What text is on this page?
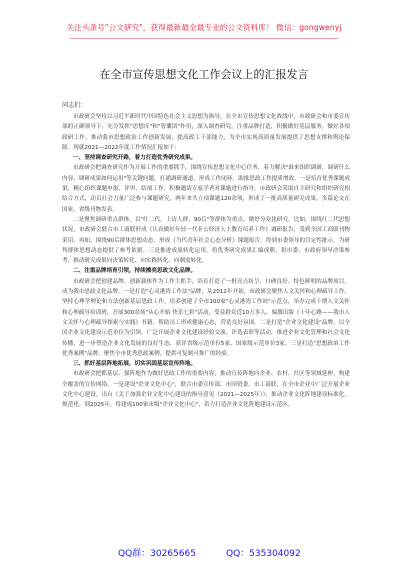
关注头条号"公文研究"，获得最新最全最专业的公文资料库！ 微信：gongwenyj
在全市宣传思想文化工作会议上的汇报发言
同志们：

市政研会坚持以习近平新时代中国特色社会主义思想为指导，在全市宣传思想文化战线中，市政研会和市委宣传部的正确领导下，充分发挥"思想库"和"智囊团"作用，深入调查研究，注重品牌打造，积极做好基层服务，做好各项政研工作。推动我市思想政治工作创新发展，提高政工干部能力，为全市实现高质量发展提供了思想支撑和舆论保障。现就2021—2022年度工作情况汇报如下：

一、坚持调查研究开路，着力打造优秀研究成果。

市政研会把调查研究作为开展工作的重要抓手，围绕宣传思想文化中心任务，着力解决"谁来组织调研、调研什么内容、调研成果如何运用"等关键问题，打通调研通道，形成工作闭环，助推思政工作提质增效。一是培育优秀课题成果，精心组织课题申报、评审、结项工作，积极邀请专家学者对课题进行指导。市政研会采取自主研究和组织研究相结合方式，动员社会力量广泛参与课题研究，两年来共立项课题120余项，形成了一批高质量研究成果，多篇论文在国家、省级刊物发表。

二是聚焦调研重点群体，以"红二代、上访人群、90后"等群体为重点，做好分众化研究。比如，围绕红二代思想状况，市政研会联合市工商联形成《认真做好年轻一代非公经济人士教育培养工作》调研报告，受到全国工商联刊物采用。再如，围绕90后群体思想动态，形成《当代青年社会心态分析》课题报告，得到市委领导的肯定性批示，为研判群体思想动态提供了参考依据。三是推进成果转化运用，将优秀研究成果汇编成册，供市委、市政府领导决策参考，推动研究成果向决策转化、向实践转化、向制度转化。

二、注重品牌培育引领，持续擦亮思政文化品牌。

市政研会把创建品牌、创新载体作为工作主抓手，培育打造了一批亮点纷呈、口碑良好、特色鲜明的品牌项目，成为我市思政文化品牌。一是打造"心灵港湾工作法"品牌，从2012年开始，市政研会聚焦人文关怀和心理疏导工作，坚持心理学理论和方法创新基层思政工作，培养创建了全市100家"心灵港湾工作站"示范点，举办完成十期人文关怀和心理疏导培训班，开展300余场"从心开始 快乐七彩"活动，受益群众近10万多人，编撰出版《十年心路——我市人文关怀与心理疏导探索与实践》书籍，帮助员工形成健康心态，营造良好氛围。二是打造"企业文化建设"品牌，以全国企业文化建设示范单位为引领，广泛开展企业文化建设经验交流、评选表彰等活动，推进企业文化管理和社会文化传播，进一步塑造企业文化发展的良好生态，获评省级示范单位5家、国家级示范单位3家。三是打造"思想政治工作优秀案例"品牌，聚焦全市优秀思政案例，提供可复制可推广的经验。

三、抓好基层阵地拓展，切实巩固基层宣传阵地。

市政研会把抓基层、强阵地作为做好思政工作的重要内容，推动宣传阵地向企业、农村、社区等领域延伸，构建全覆盖的宣传网络。一是建设"企业文化中心"，联合市委宣传部、市国资委、市工商联，在全市企业中广泛开展企业文化中心建设，出台《关于加强企业文化中心建设的指导意见（2021—2025年）》，推动企业文化阵地建设标准化、规范化。到2025年，将建成100家市级"企业文化中心"，着力打造企业文化阵地建设示范区。

QQ群：30265665	QQ：535304092
